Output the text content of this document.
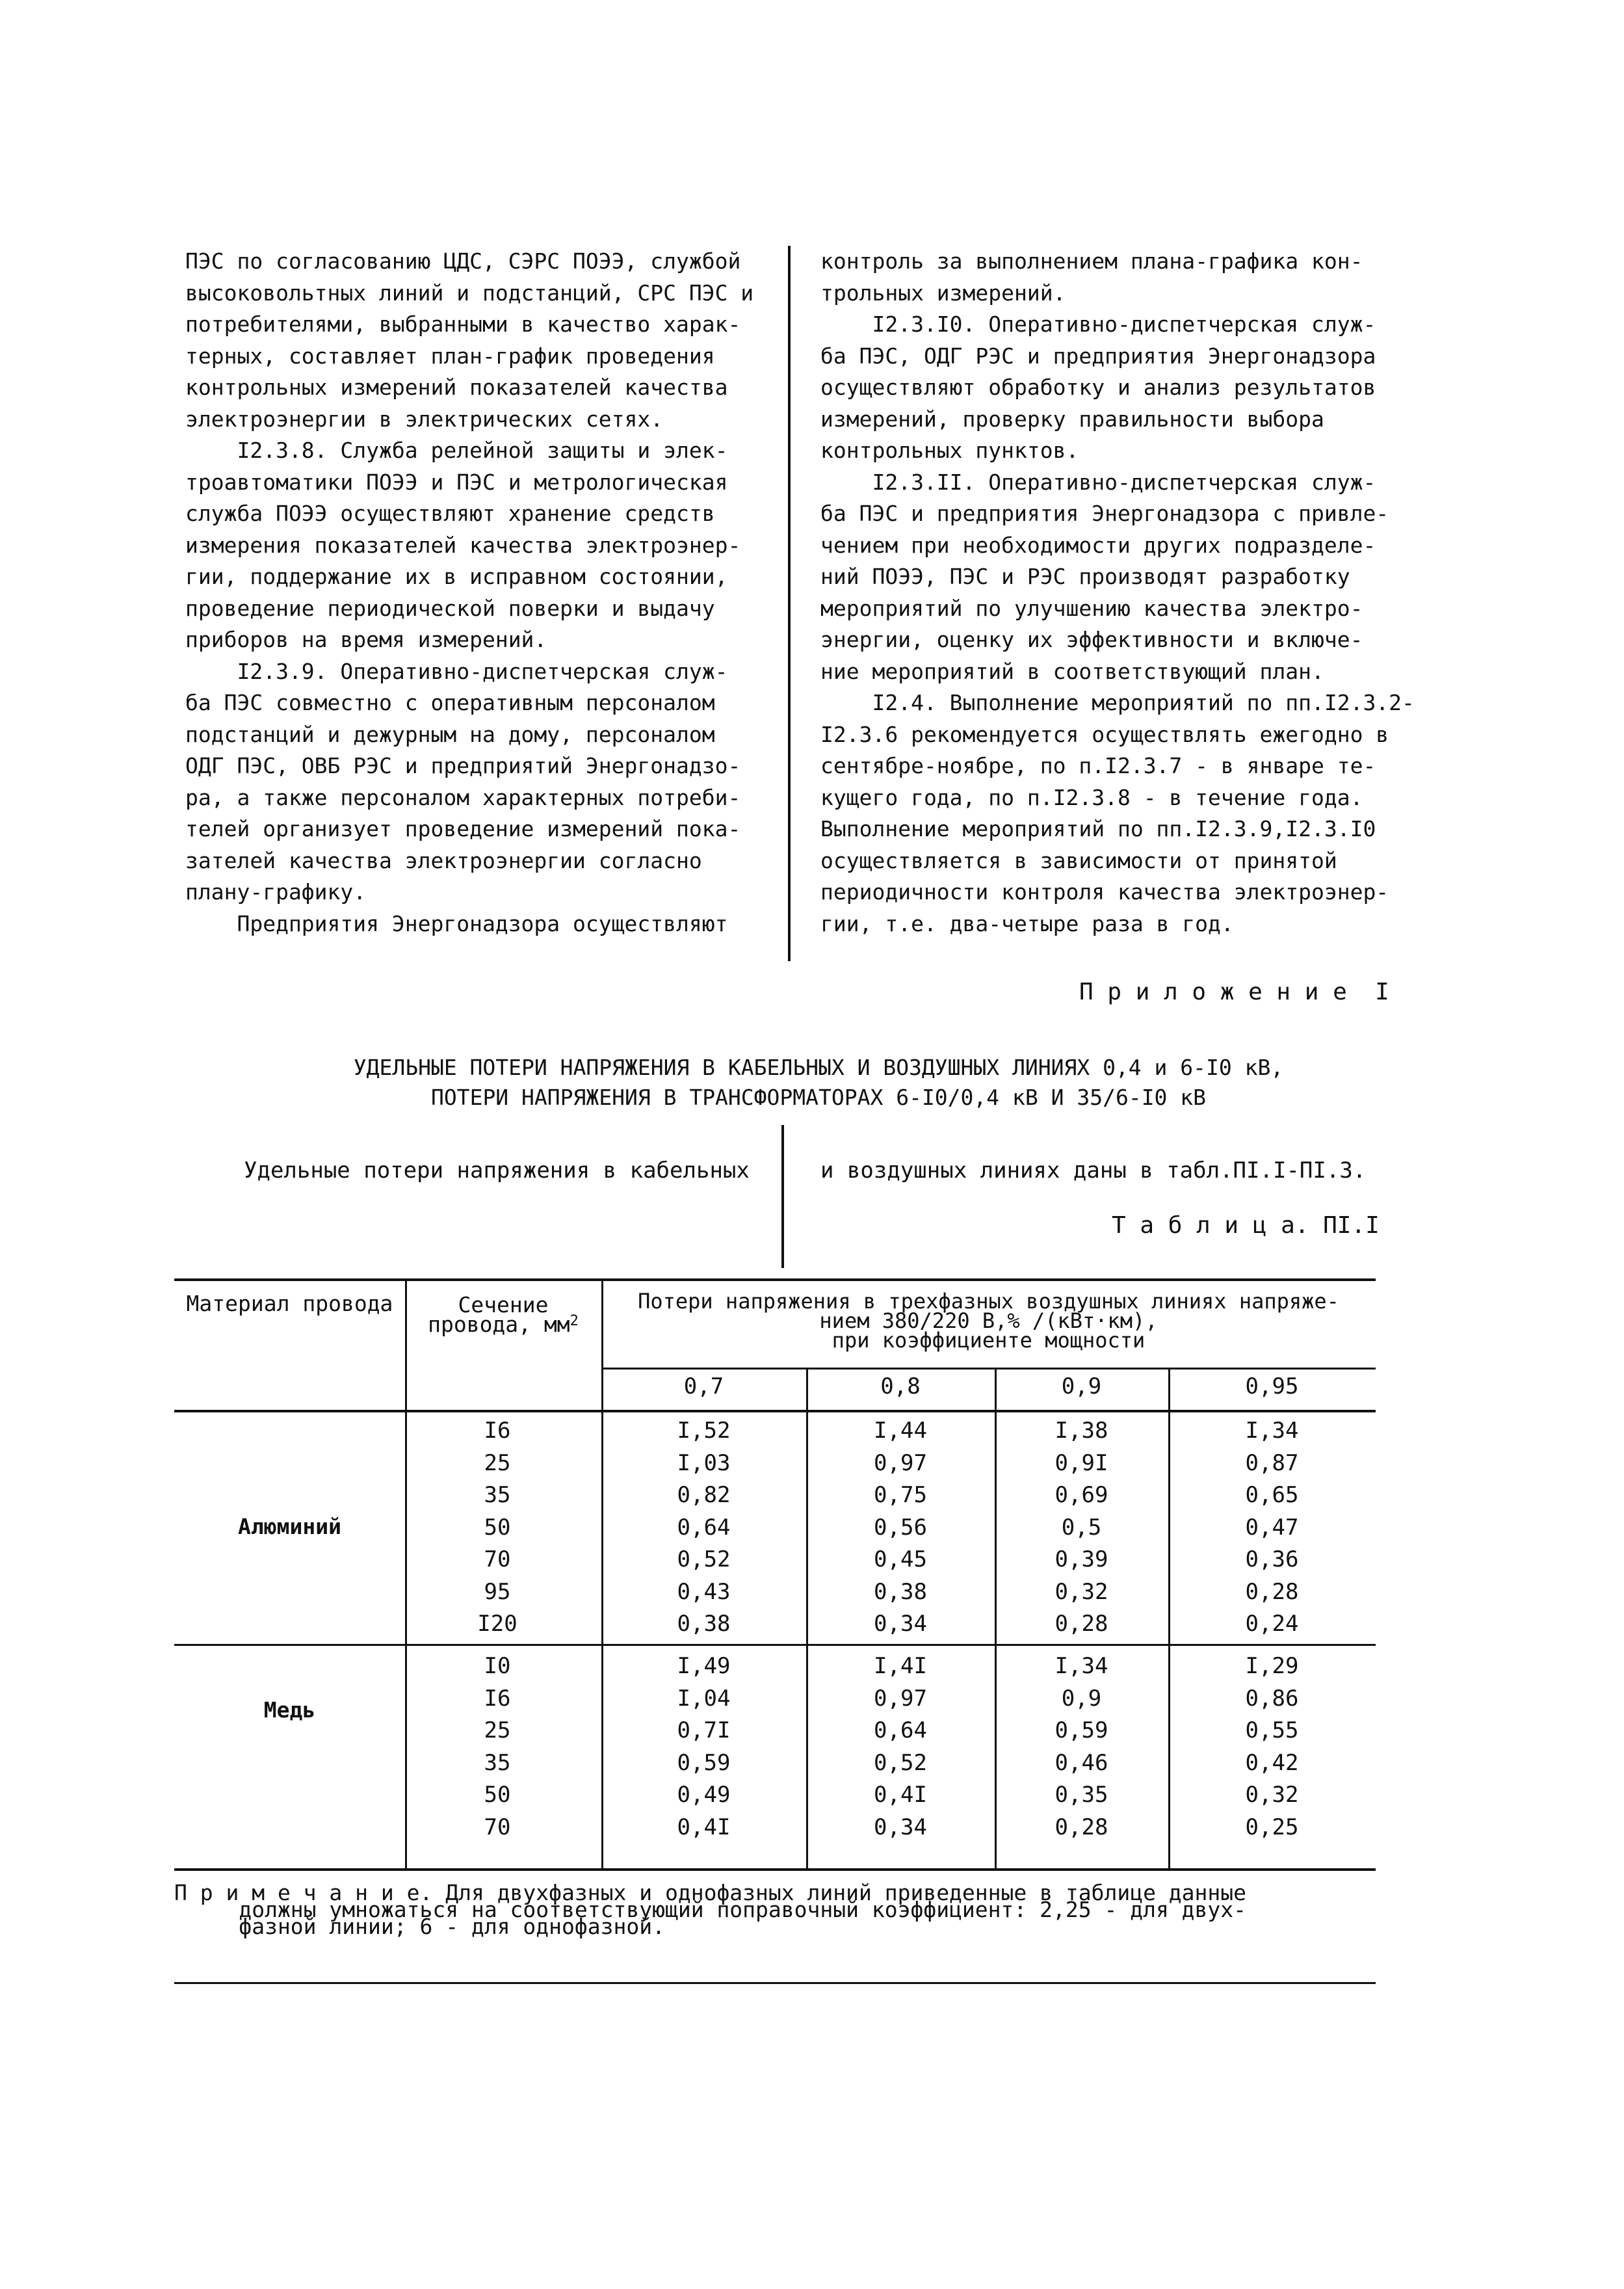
ПЭС по согласованию ЦДС, СЭРС ПОЭЭ, службой
высоковольтных линий и подстанций, СРС ПЭС и
потребителями, выбранными в качество харак-
терных, составляет план-график проведения
контрольных измерений показателей качества
электроэнергии в электрических сетях.
I2.3.8. Служба релейной защиты и элек-
троавтоматики ПОЭЭ и ПЭС и метрологическая
служба ПОЭЭ осуществляют хранение средств
измерения показателей качества электроэнер-
гии, поддержание их в исправном состоянии,
проведение периодической поверки и выдачу
приборов на время измерений.
I2.3.9. Оперативно-диспетчерская служ-
ба ПЭС совместно с оперативным персоналом
подстанций и дежурным на дому, персоналом
ОДГ ПЭС, ОВБ РЭС и предприятий Энергонадзо-
ра, а также персоналом характерных потреби-
телей организует проведение измерений пока-
зателей качества электроэнергии согласно
плану-графику.
Предприятия Энергонадзора осуществляют
контроль за выполнением плана-графика кон-
трольных измерений.
I2.3.I0. Оперативно-диспетчерская служ-
ба ПЭС, ОДГ РЭС и предприятия Энергонадзора
осуществляют обработку и анализ результатов
измерений, проверку правильности выбора
контрольных пунктов.
I2.3.II. Оперативно-диспетчерская служ-
ба ПЭС и предприятия Энергонадзора с привле-
чением при необходимости других подразделе-
ний ПОЭЭ, ПЭС и РЭС производят разработку
мероприятий по улучшению качества электро-
энергии, оценку их эффективности и включе-
ние мероприятий в соответствующий план.
I2.4. Выполнение мероприятий по пп.I2.3.2-
I2.3.6 рекомендуется осуществлять ежегодно в
сентябре-ноябре, по п.I2.3.7 - в январе те-
кущего года, по п.I2.3.8 - в течение года.
Выполнение мероприятий по пп.I2.3.9,I2.3.I0
осуществляется в зависимости от принятой
периодичности контроля качества электроэнер-
гии, т.е. два-четыре раза в год.
П р и л о ж е н и е  I
УДЕЛЬНЫЕ ПОТЕРИ НАПРЯЖЕНИЯ В КАБЕЛЬНЫХ И ВОЗДУШНЫХ ЛИНИЯХ 0,4 и 6-I0 кВ,
ПОТЕРИ НАПРЯЖЕНИЯ В ТРАНСФОРМАТОРАХ 6-I0/0,4 кВ И 35/6-I0 кВ
Удельные потери напряжения в кабельных	и воздушных линиях даны в табл.ПI.I-ПI.3.
Т а б л и ц а. ПI.I
Материал провода	Сечение
провода, $мм^2$
Потери напряжения в трехфазных воздушных линиях напряже-
нием 380/220 В,% /(кВт·км),
при коэффициенте мощности
0,7	0,8	0,9	0,95
Алюминий
I6	I,52	I,44	I,38	I,34
25	I,03	0,97	0,9I	0,87
35	0,82	0,75	0,69	0,65
50	0,64	0,56	0,5	0,47
70	0,52	0,45	0,39	0,36
95	0,43	0,38	0,32	0,28
I20	0,38	0,34	0,28	0,24
Медь
I0	I,49	I,4I	I,34	I,29
I6	I,04	0,97	0,9	0,86
25	0,7I	0,64	0,59	0,55
35	0,59	0,52	0,46	0,42
50	0,49	0,4I	0,35	0,32
70	0,4I	0,34	0,28	0,25
П р и м е ч а н и е. Для двухфазных и однофазных линий приведенные в таблице данные
должны умножаться на соответствующий поправочный коэффициент: 2,25 - для двух-
фазной линии; 6 - для однофазной.
